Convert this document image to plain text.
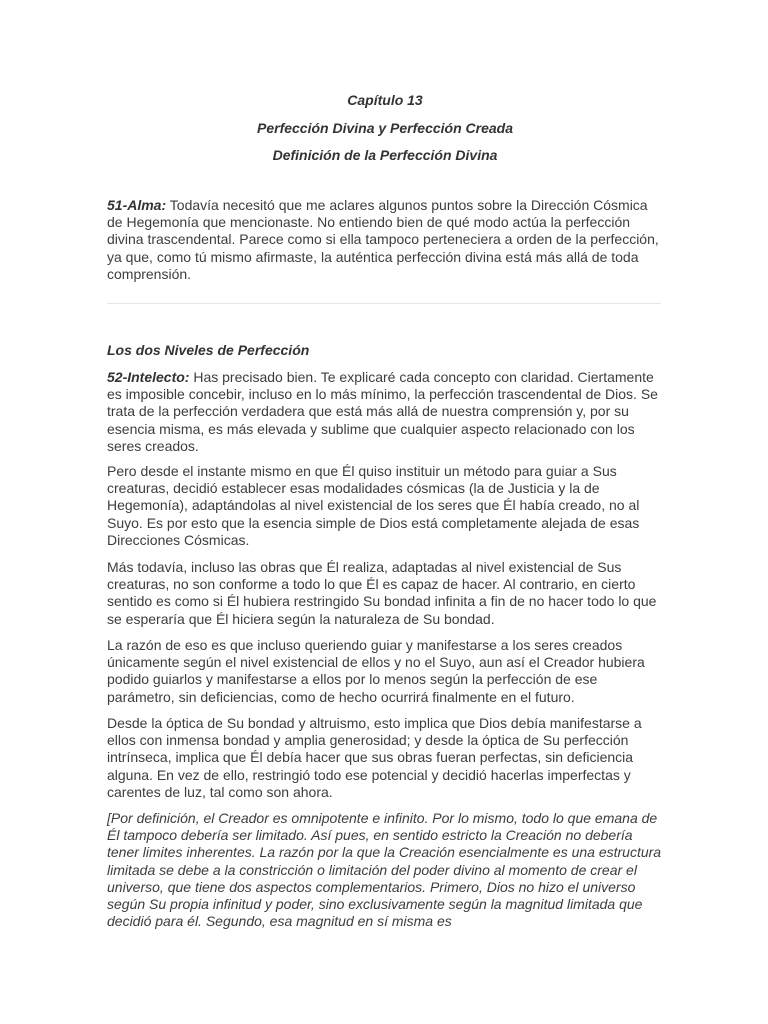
Capítulo 13
Perfección Divina y Perfección Creada
Definición de la Perfección Divina

51-Alma: Todavía necesitó que me aclares algunos puntos sobre la Dirección Cósmica de Hegemonía que mencionaste. No entiendo bien de qué modo actúa la perfección divina trascendental. Parece como si ella tampoco perteneciera a orden de la perfección, ya que, como tú mismo afirmaste, la auténtica perfección divina está más allá de toda comprensión.

Los dos Niveles de Perfección

52-Intelecto: Has precisado bien. Te explicaré cada concepto con claridad. Ciertamente es imposible concebir, incluso en lo más mínimo, la perfección trascendental de Dios. Se trata de la perfección verdadera que está más allá de nuestra comprensión y, por su esencia misma, es más elevada y sublime que cualquier aspecto relacionado con los seres creados.

Pero desde el instante mismo en que Él quiso instituir un método para guiar a Sus creaturas, decidió establecer esas modalidades cósmicas (la de Justicia y la de Hegemonía), adaptándolas al nivel existencial de los seres que Él había creado, no al Suyo. Es por esto que la esencia simple de Dios está completamente alejada de esas Direcciones Cósmicas.

Más todavía, incluso las obras que Él realiza, adaptadas al nivel existencial de Sus creaturas, no son conforme a todo lo que Él es capaz de hacer. Al contrario, en cierto sentido es como si Él hubiera restringido Su bondad infinita a fin de no hacer todo lo que se esperaría que Él hiciera según la naturaleza de Su bondad.

La razón de eso es que incluso queriendo guiar y manifestarse a los seres creados únicamente según el nivel existencial de ellos y no el Suyo, aun así el Creador hubiera podido guiarlos y manifestarse a ellos por lo menos según la perfección de ese parámetro, sin deficiencias, como de hecho ocurrirá finalmente en el futuro.

Desde la óptica de Su bondad y altruismo, esto implica que Dios debía manifestarse a ellos con inmensa bondad y amplia generosidad; y desde la óptica de Su perfección intrínseca, implica que Él debía hacer que sus obras fueran perfectas, sin deficiencia alguna. En vez de ello, restringió todo ese potencial y decidió hacerlas imperfectas y carentes de luz, tal como son ahora.

[Por definición, el Creador es omnipotente e infinito. Por lo mismo, todo lo que emana de Él tampoco debería ser limitado. Así pues, en sentido estricto la Creación no debería tener limites inherentes. La razón por la que la Creación esencialmente es una estructura limitada se debe a la constricción o limitación del poder divino al momento de crear el universo, que tiene dos aspectos complementarios. Primero, Dios no hizo el universo según Su propia infinitud y poder, sino exclusivamente según la magnitud limitada que decidió para él. Segundo, esa magnitud en sí misma es
